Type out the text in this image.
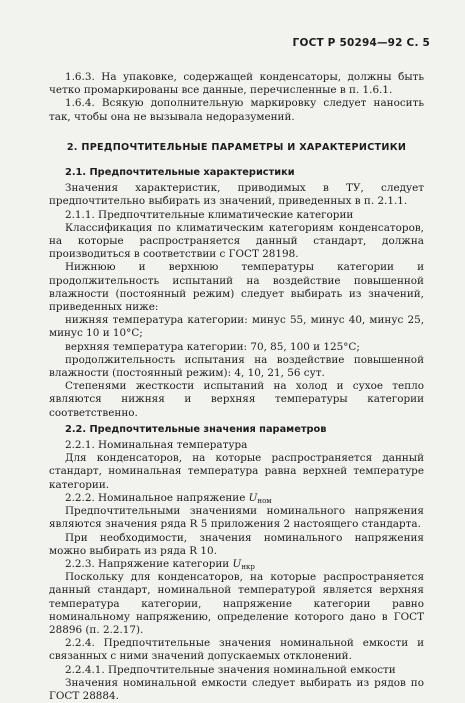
ГОСТ Р 50294—92 С. 5

1.6.3. На упаковке, содержащей конденсаторы, должны быть четко промаркированы все данные, перечисленные в п. 1.6.1.

1.6.4. Всякую дополнительную маркировку следует наносить так, чтобы она не вызывала недоразумений.

2. ПРЕДПОЧТИТЕЛЬНЫЕ ПАРАМЕТРЫ И ХАРАКТЕРИСТИКИ

2.1. Предпочтительные характеристики

Значения характеристик, приводимых в ТУ, следует предпочтительно выбирать из значений, приведенных в п. 2.1.1.

2.1.1. Предпочтительные климатические категории

Классификация по климатическим категориям конденсаторов, на которые распространяется данный стандарт, должна производиться в соответствии с ГОСТ 28198.

Нижнюю и верхнюю температуры категории и продолжительность испытаний на воздействие повышенной влажности (постоянный режим) следует выбирать из значений, приведенных ниже:

нижняя температура категории: минус 55, минус 40, минус 25, минус 10 и 10°С;

верхняя температура категории: 70, 85, 100 и 125°С;

продолжительность испытания на воздействие повышенной влажности (постоянный режим): 4, 10, 21, 56 сут.

Степенями жесткости испытаний на холод и сухое тепло являются нижняя и верхняя температуры категории соответственно.

2.2. Предпочтительные значения параметров

2.2.1. Номинальная температура

Для конденсаторов, на которые распространяется данный стандарт, номинальная температура равна верхней температуре категории.

2.2.2. Номинальное напряжение $U_{ном}$

Предпочтительными значениями номинального напряжения являются значения ряда R 5 приложения 2 настоящего стандарта.

При необходимости, значения номинального напряжения можно выбирать из ряда R 10.

2.2.3. Напряжение категории $U_{нкр}$

Поскольку для конденсаторов, на которые распространяется данный стандарт, номинальной температурой является верхняя температура категории, напряжение категории равно номинальному напряжению, определение которого дано в ГОСТ 28896 (п. 2.2.17).

2.2.4. Предпочтительные значения номинальной емкости и связанных с ними значений допускаемых отклонений.

2.2.4.1. Предпочтительные значения номинальной емкости

Значения номинальной емкости следует выбирать из рядов по ГОСТ 28884.
